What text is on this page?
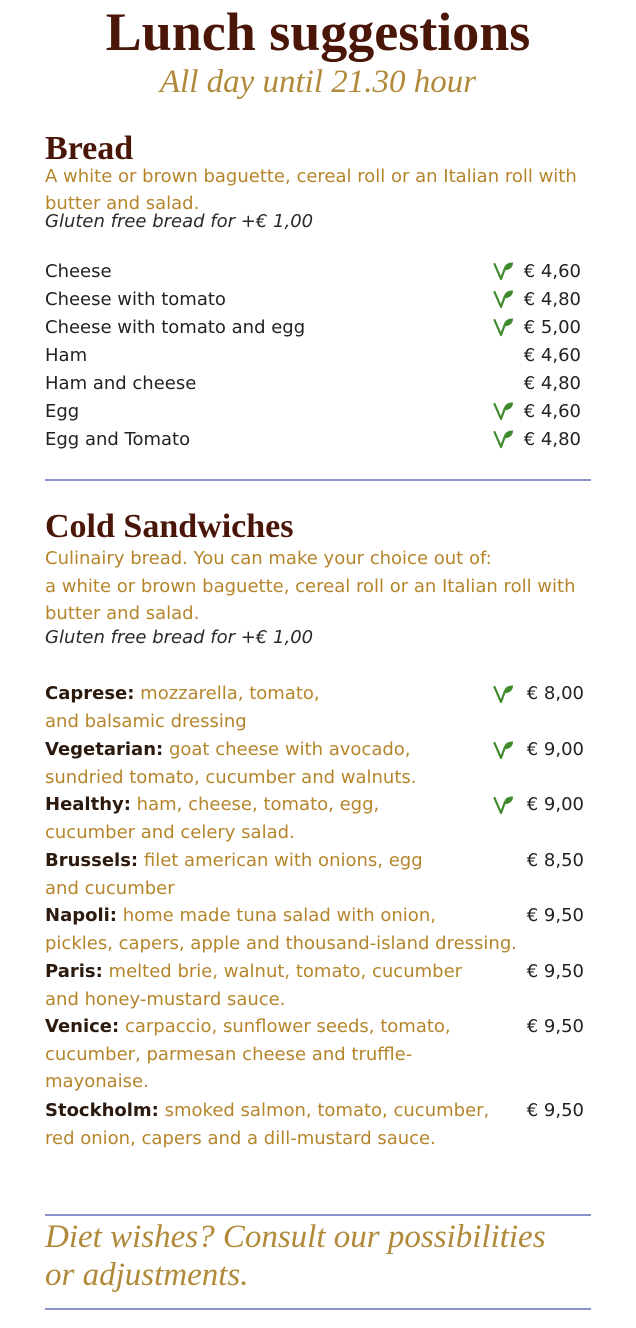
Lunch suggestions
All day until 21.30 hour
Bread
A white or brown baguette, cereal roll or an Italian roll with butter and salad.
Gluten free bread for +€ 1,00
Cheese	€ 4,60
Cheese with tomato	€ 4,80
Cheese with tomato and egg	€ 5,00
Ham	€ 4,60
Ham and cheese	€ 4,80
Egg	€ 4,60
Egg and Tomato	€ 4,80
Cold Sandwiches
Culinairy bread. You can make your choice out of:
a white or brown baguette, cereal roll or an Italian roll with butter and salad.
Gluten free bread for +€ 1,00
Caprese: mozzarella, tomato,
and balsamic dressing
€ 8,00
Vegetarian: goat cheese with avocado,
sundried tomato, cucumber and walnuts.
€ 9,00
Healthy: ham, cheese, tomato, egg,
cucumber and celery salad.
€ 9,00
Brussels: filet american with onions, egg
and cucumber
€ 8,50
Napoli: home made tuna salad with onion,
pickles, capers, apple and thousand-island dressing.
€ 9,50
Paris: melted brie, walnut, tomato, cucumber
and honey-mustard sauce.
€ 9,50
Venice: carpaccio, sunflower seeds, tomato,
cucumber, parmesan cheese and truffle-
mayonaise.
€ 9,50
Stockholm: smoked salmon, tomato, cucumber,
red onion, capers and a dill-mustard sauce.
€ 9,50
Diet wishes? Consult our possibilities
or adjustments.
